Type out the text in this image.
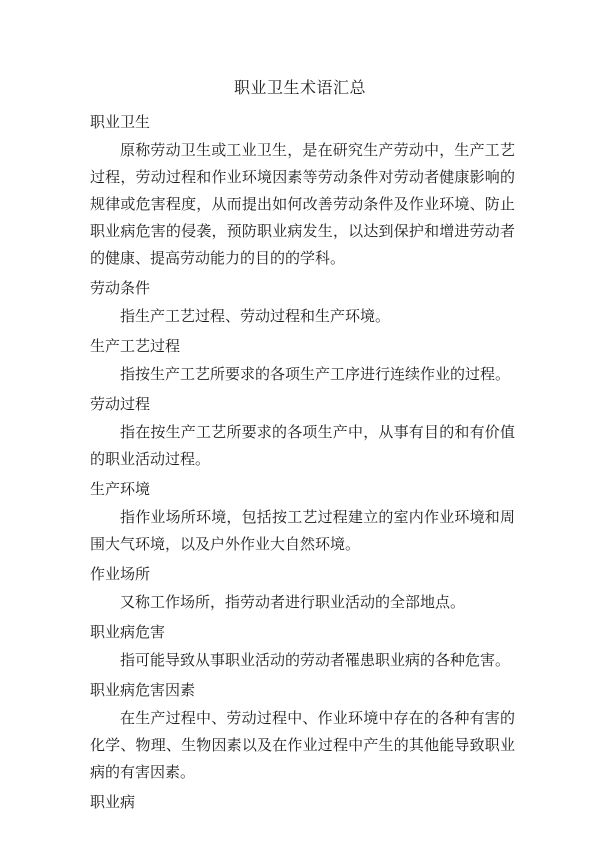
职业卫生术语汇总
职业卫生
原称劳动卫生或工业卫生，是在研究生产劳动中，生产工艺过程，劳动过程和作业环境因素等劳动条件对劳动者健康影响的规律或危害程度，从而提出如何改善劳动条件及作业环境、防止职业病危害的侵袭，预防职业病发生，以达到保护和增进劳动者的健康、提高劳动能力的目的的学科。
劳动条件
指生产工艺过程、劳动过程和生产环境。
生产工艺过程
指按生产工艺所要求的各项生产工序进行连续作业的过程。
劳动过程
指在按生产工艺所要求的各项生产中，从事有目的和有价值的职业活动过程。
生产环境
指作业场所环境，包括按工艺过程建立的室内作业环境和周围大气环境，以及户外作业大自然环境。
作业场所
又称工作场所，指劳动者进行职业活动的全部地点。
职业病危害
指可能导致从事职业活动的劳动者罹患职业病的各种危害。
职业病危害因素
在生产过程中、劳动过程中、作业环境中存在的各种有害的化学、物理、生物因素以及在作业过程中产生的其他能导致职业病的有害因素。
职业病
